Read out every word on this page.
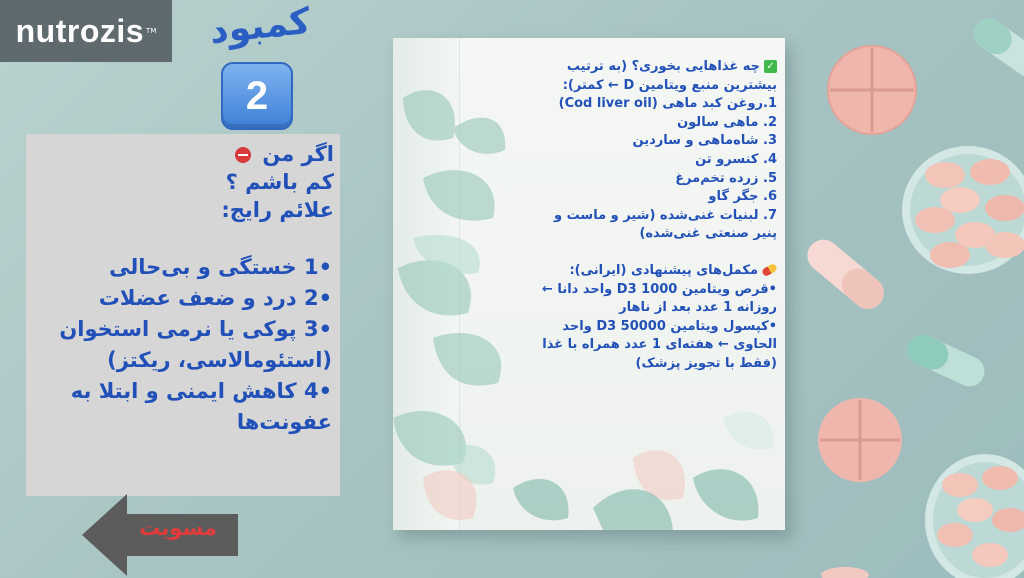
nutrozis TM	کمبود
2

اگر من

کم باشم ؟

علائم رایج:

•1 خستگی و بی‌حالی

•2 درد و ضعف عضلات

•3 پوکی یا نرمی استخوان

(استئومالاسی، ریکتز)

•4 کاهش ایمنی و ابتلا به

عفونت‌ها

✓چه غذاهایی بخوری؟ (به ترتیب

بیشترین منبع ویتامین D ← کمتر):

1.روغن کبد ماهی (Cod liver oil)

2. ماهی سالون

3. شاه‌ماهی و ساردین

4. کنسرو تن

5. زرده تخم‌مرغ

6. جگر گاو

7. لبنیات غنی‌شده (شیر و ماست و

پنیر صنعتی غنی‌شده)

مکمل‌های پیشنهادی (ایرانی):

•قرص ویتامین D3 1000 واحد دانا ←

روزانه 1 عدد بعد از ناهار

•کپسول ویتامین D3 50000 واحد

الحاوی ← هفته‌ای 1 عدد همراه با غذا

(فقط با تجویز پزشک)

مسویت
